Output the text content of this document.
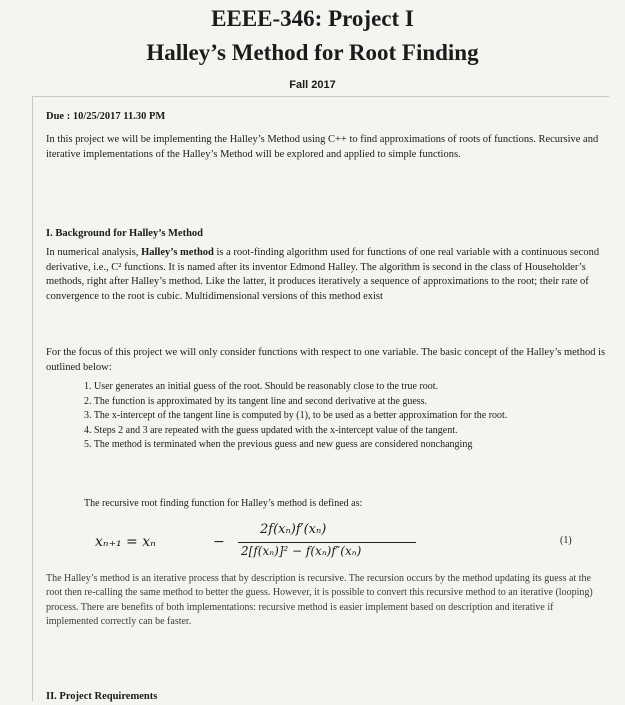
EEEE-346: Project I
Halley’s Method for Root Finding
Fall 2017
Due : 10/25/2017 11.30 PM
In this project we will be implementing the Halley’s Method using C++ to find approximations of roots of functions. Recursive and iterative implementations of the Halley’s Method will be explored and applied to simple functions.
I. Background for Halley’s Method
In numerical analysis, Halley’s method is a root-finding algorithm used for functions of one real variable with a continuous second derivative, i.e., C² functions. It is named after its inventor Edmond Halley. The algorithm is second in the class of Householder’s methods, right after Halley’s method. Like the latter, it produces iteratively a sequence of approximations to the root; their rate of convergence to the root is cubic. Multidimensional versions of this method exist
For the focus of this project we will only consider functions with respect to one variable. The basic concept of the Halley’s method is outlined below:
1. User generates an initial guess of the root. Should be reasonably close to the true root.
2. The function is approximated by its tangent line and second derivative at the guess.
3. The x-intercept of the tangent line is computed by (1), to be used as a better approximation for the root.
4. Steps 2 and 3 are repeated with the guess updated with the x-intercept value of the tangent.
5. The method is terminated when the previous guess and new guess are considered nonchanging
The recursive root finding function for Halley’s method is defined as:
xₙ₊₁ = xₙ	−
2f(xₙ)f′(xₙ)
2[f(xₙ)]² − f(xₙ)f″(xₙ)
(1)
The Halley’s method is an iterative process that by description is recursive. The recursion occurs by the method updating its guess at the root then re-calling the same method to better the guess. However, it is possible to convert this recursive method to an iterative (looping) process. There are benefits of both implementations: recursive method is easier implement based on description and iterative if implemented correctly can be faster.
II. Project Requirements
